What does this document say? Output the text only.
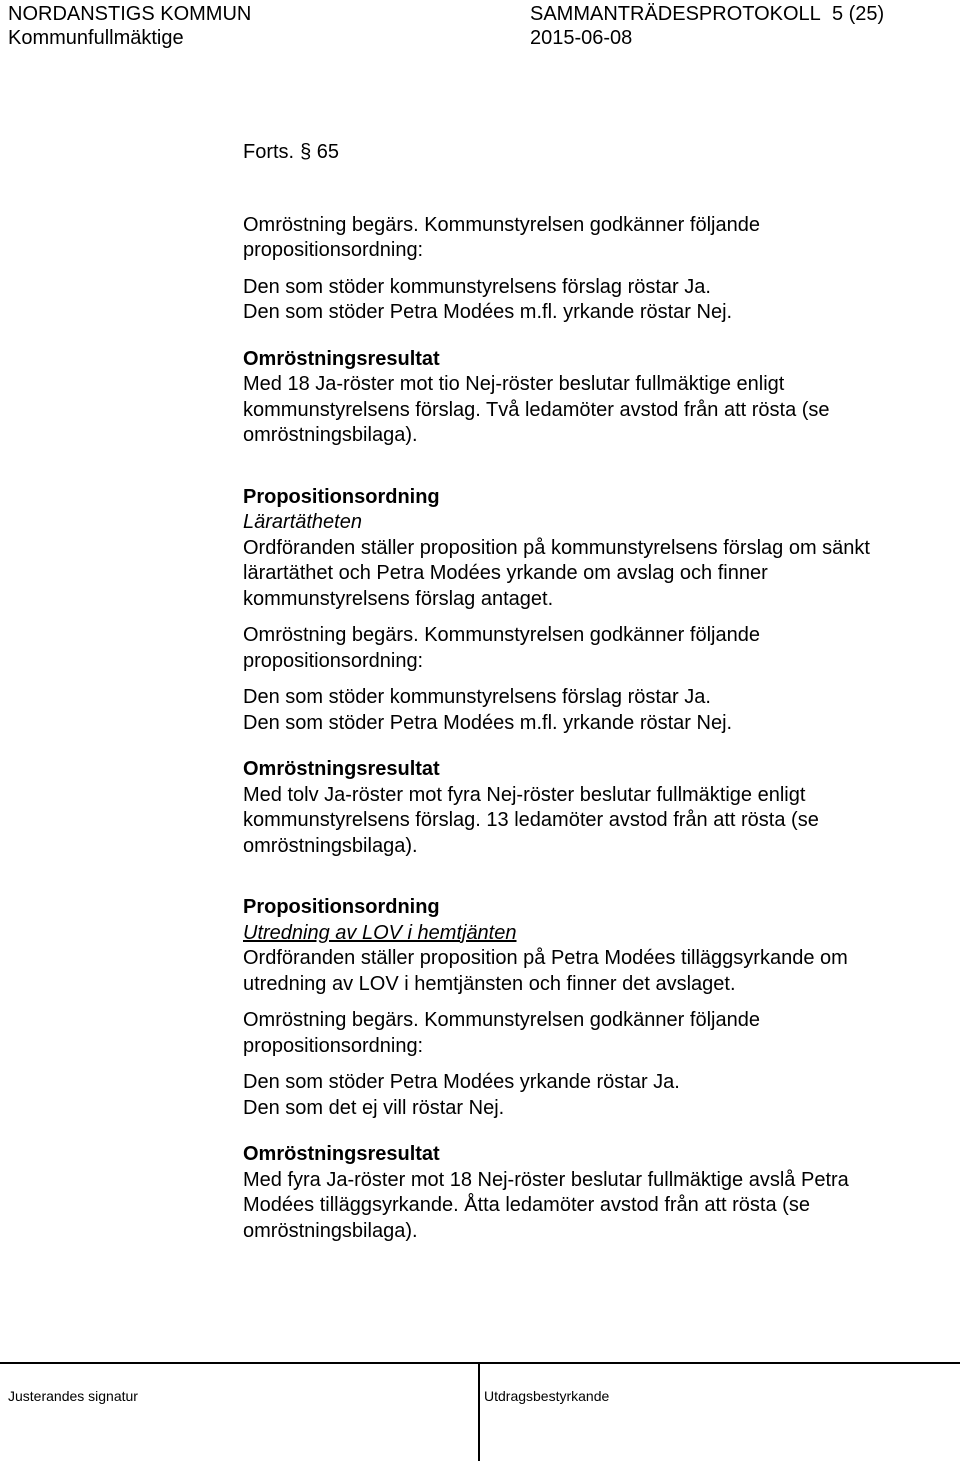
NORDANSTIGS KOMMUN
Kommunfullmäktige
SAMMANTRÄDESPROTOKOLL 5 (25)
2015-06-08

Forts. § 65

Omröstning begärs. Kommunstyrelsen godkänner följande

propositionsordning:

Den som stöder kommunstyrelsens förslag röstar Ja.

Den som stöder Petra Modées m.fl. yrkande röstar Nej.

Omröstningsresultat

Med 18 Ja-röster mot tio Nej-röster beslutar fullmäktige enligt

kommunstyrelsens förslag. Två ledamöter avstod från att rösta (se

omröstningsbilaga).

Propositionsordning

Lärartätheten

Ordföranden ställer proposition på kommunstyrelsens förslag om sänkt

lärartäthet och Petra Modées yrkande om avslag och finner

kommunstyrelsens förslag antaget.

Omröstning begärs. Kommunstyrelsen godkänner följande

propositionsordning:

Den som stöder kommunstyrelsens förslag röstar Ja.

Den som stöder Petra Modées m.fl. yrkande röstar Nej.

Omröstningsresultat

Med tolv Ja-röster mot fyra Nej-röster beslutar fullmäktige enligt

kommunstyrelsens förslag. 13 ledamöter avstod från att rösta (se

omröstningsbilaga).

Propositionsordning

Utredning av LOV i hemtjänten

Ordföranden ställer proposition på Petra Modées tilläggsyrkande om

utredning av LOV i hemtjänsten och finner det avslaget.

Omröstning begärs. Kommunstyrelsen godkänner följande

propositionsordning:

Den som stöder Petra Modées yrkande röstar Ja.

Den som det ej vill röstar Nej.

Omröstningsresultat

Med fyra Ja-röster mot 18 Nej-röster beslutar fullmäktige avslå Petra

Modées tilläggsyrkande. Åtta ledamöter avstod från att rösta (se

omröstningsbilaga).

Justerandes signatur	Utdragsbestyrkande
